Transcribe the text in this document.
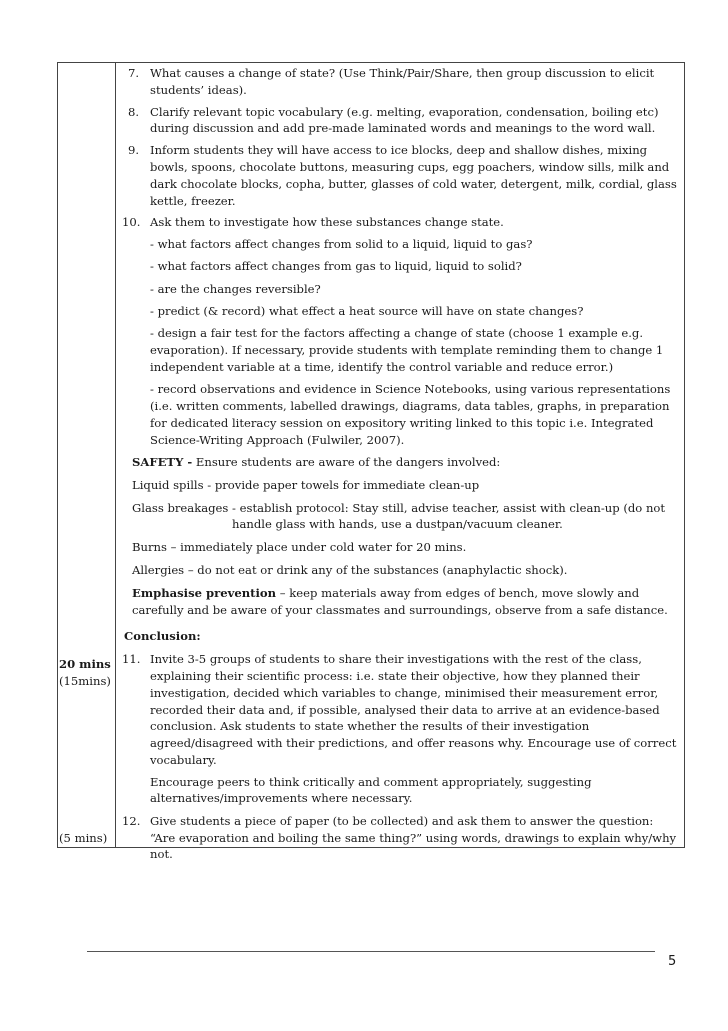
7. What causes a change of state? (Use Think/Pair/Share, then group discussion to elicit students’ ideas).
8. Clarify relevant topic vocabulary (e.g. melting, evaporation, condensation, boiling etc) during discussion and add pre-made laminated words and meanings to the word wall.
9. Inform students they will have access to ice blocks, deep and shallow dishes, mixing bowls, spoons, chocolate buttons, measuring cups, egg poachers, window sills, milk and dark chocolate blocks, copha, butter, glasses of cold water, detergent, milk, cordial, glass kettle, freezer.
10. Ask them to investigate how these substances change state.
- what factors affect changes from solid to a liquid, liquid to gas?
- what factors affect changes from gas to liquid, liquid to solid?
- are the changes reversible?
- predict (& record) what effect a heat source will have on state changes?
- design a fair test for the factors affecting a change of state (choose 1 example e.g. evaporation). If necessary, provide students with template reminding them to change 1 independent variable at a time, identify the control variable and reduce error.)
- record observations and evidence in Science Notebooks, using various representations (i.e. written comments, labelled drawings, diagrams, data tables, graphs, in preparation for dedicated literacy session on expository writing linked to this topic i.e. Integrated Science-Writing Approach (Fulwiler, 2007).
SAFETY - Ensure students are aware of the dangers involved:
Liquid spills - provide paper towels for immediate clean-up
Glass breakages - establish protocol: Stay still, advise teacher, assist with clean-up (do not
handle glass with hands, use a dustpan/vacuum cleaner.
Burns – immediately place under cold water for 20 mins.
Allergies – do not eat or drink any of the substances (anaphylactic shock).
Emphasise prevention – keep materials away from edges of bench, move slowly and carefully and be aware of your classmates and surroundings, observe from a safe distance.
Conclusion:
11. Invite 3-5 groups of students to share their investigations with the rest of the class, explaining their scientific process: i.e. state their objective, how they planned their investigation, decided which variables to change, minimised their measurement error, recorded their data and, if possible, analysed their data to arrive at an evidence-based conclusion. Ask students to state whether the results of their investigation agreed/disagreed with their predictions, and offer reasons why. Encourage use of correct vocabulary.
Encourage peers to think critically and comment appropriately, suggesting alternatives/improvements where necessary.
12. Give students a piece of paper (to be collected) and ask them to answer the question: “Are evaporation and boiling the same thing?” using words, drawings to explain why/why not.
20 mins
(15mins)
(5 mins)
5
